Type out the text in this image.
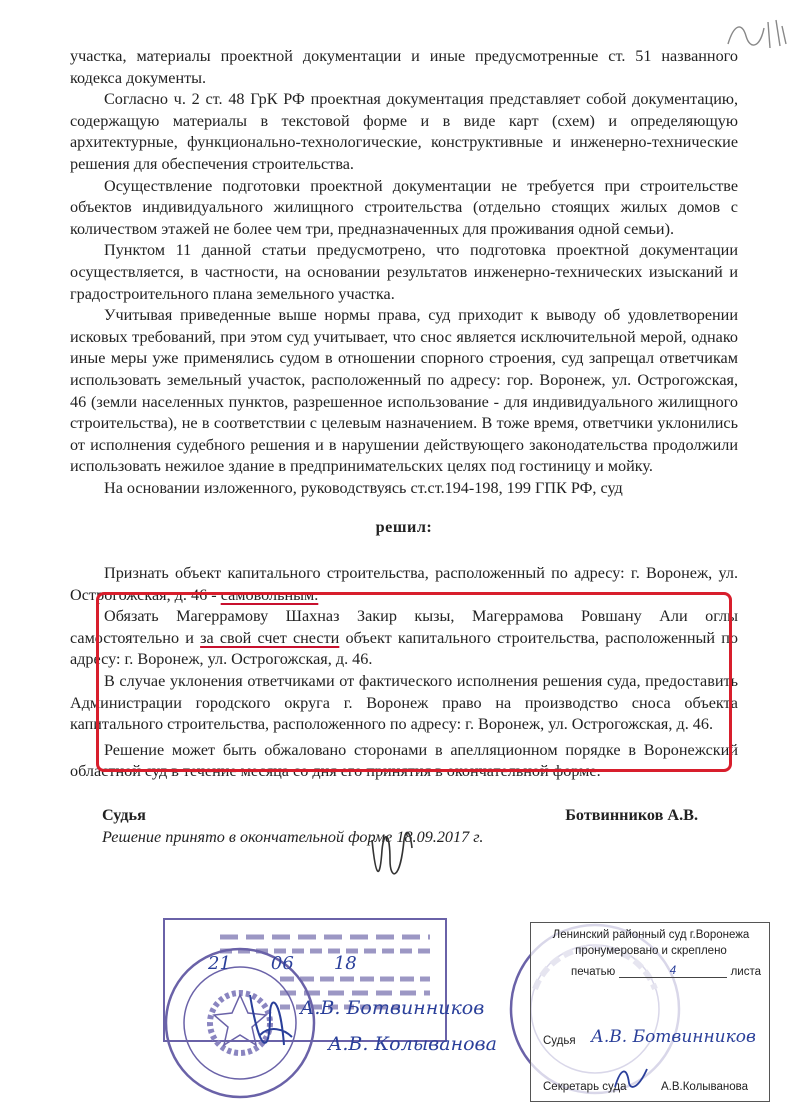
участка, материалы проектной документации и иные предусмотренные ст. 51 названного кодекса документы.

Согласно ч. 2 ст. 48 ГрК РФ проектная документация представляет собой документацию, содержащую материалы в текстовой форме и в виде карт (схем) и определяющую архитектурные, функционально-технологические, конструктивные и инженерно-технические решения для обеспечения строительства.

Осуществление подготовки проектной документации не требуется при строительстве объектов индивидуального жилищного строительства (отдельно стоящих жилых домов с количеством этажей не более чем три, предназначенных для проживания одной семьи).

Пунктом 11 данной статьи предусмотрено, что подготовка проектной документации осуществляется, в частности, на основании результатов инженерно-технических изысканий и градостроительного плана земельного участка.

Учитывая приведенные выше нормы права, суд приходит к выводу об удовлетворении исковых требований, при этом суд учитывает, что снос является исключительной мерой, однако иные меры уже применялись судом в отношении спорного строения, суд запрещал ответчикам использовать земельный участок, расположенный по адресу: гор. Воронеж, ул. Острогожская, 46 (земли населенных пунктов, разрешенное использование - для индивидуального жилищного строительства), не в соответствии с целевым назначением. В тоже время, ответчики уклонились от исполнения судебного решения и в нарушении действующего законодательства продолжили использовать нежилое здание в предпринимательских целях под гостиницу и мойку.

На основании изложенного, руководствуясь ст.ст.194-198, 199 ГПК РФ, суд

решил:

Признать объект капитального строительства, расположенный по адресу: г. Воронеж, ул. Острогожская, д. 46 - самовольным.

Обязать Магеррамову Шахназ Закир кызы, Магеррамова Ровшану Али оглы самостоятельно и за свой счет снести объект капитального строительства, расположенный по адресу: г. Воронеж, ул. Острогожская, д. 46.

В случае уклонения ответчиками от фактического исполнения решения суда, предоставить Администрации городского округа г. Воронеж право на производство сноса объекта капитального строительства, расположенного по адресу: г. Воронеж, ул. Острогожская, д. 46.

Решение может быть обжаловано сторонами в апелляционном порядке в Воронежский областной суд в течение месяца со дня его принятия в окончательной форме.

Судья	Ботвинников А.В.

Решение принято в окончательной форме 18.09.2017 г.

21 06 18
А.В. Ботвинников
А.В. Колыванова
Ленинский районный суд г.Воронежа
пронумеровано и скреплено
печатью	4	листа
Судья А.В. Ботвинников
Секретарь суда	А.В.Колыванова
